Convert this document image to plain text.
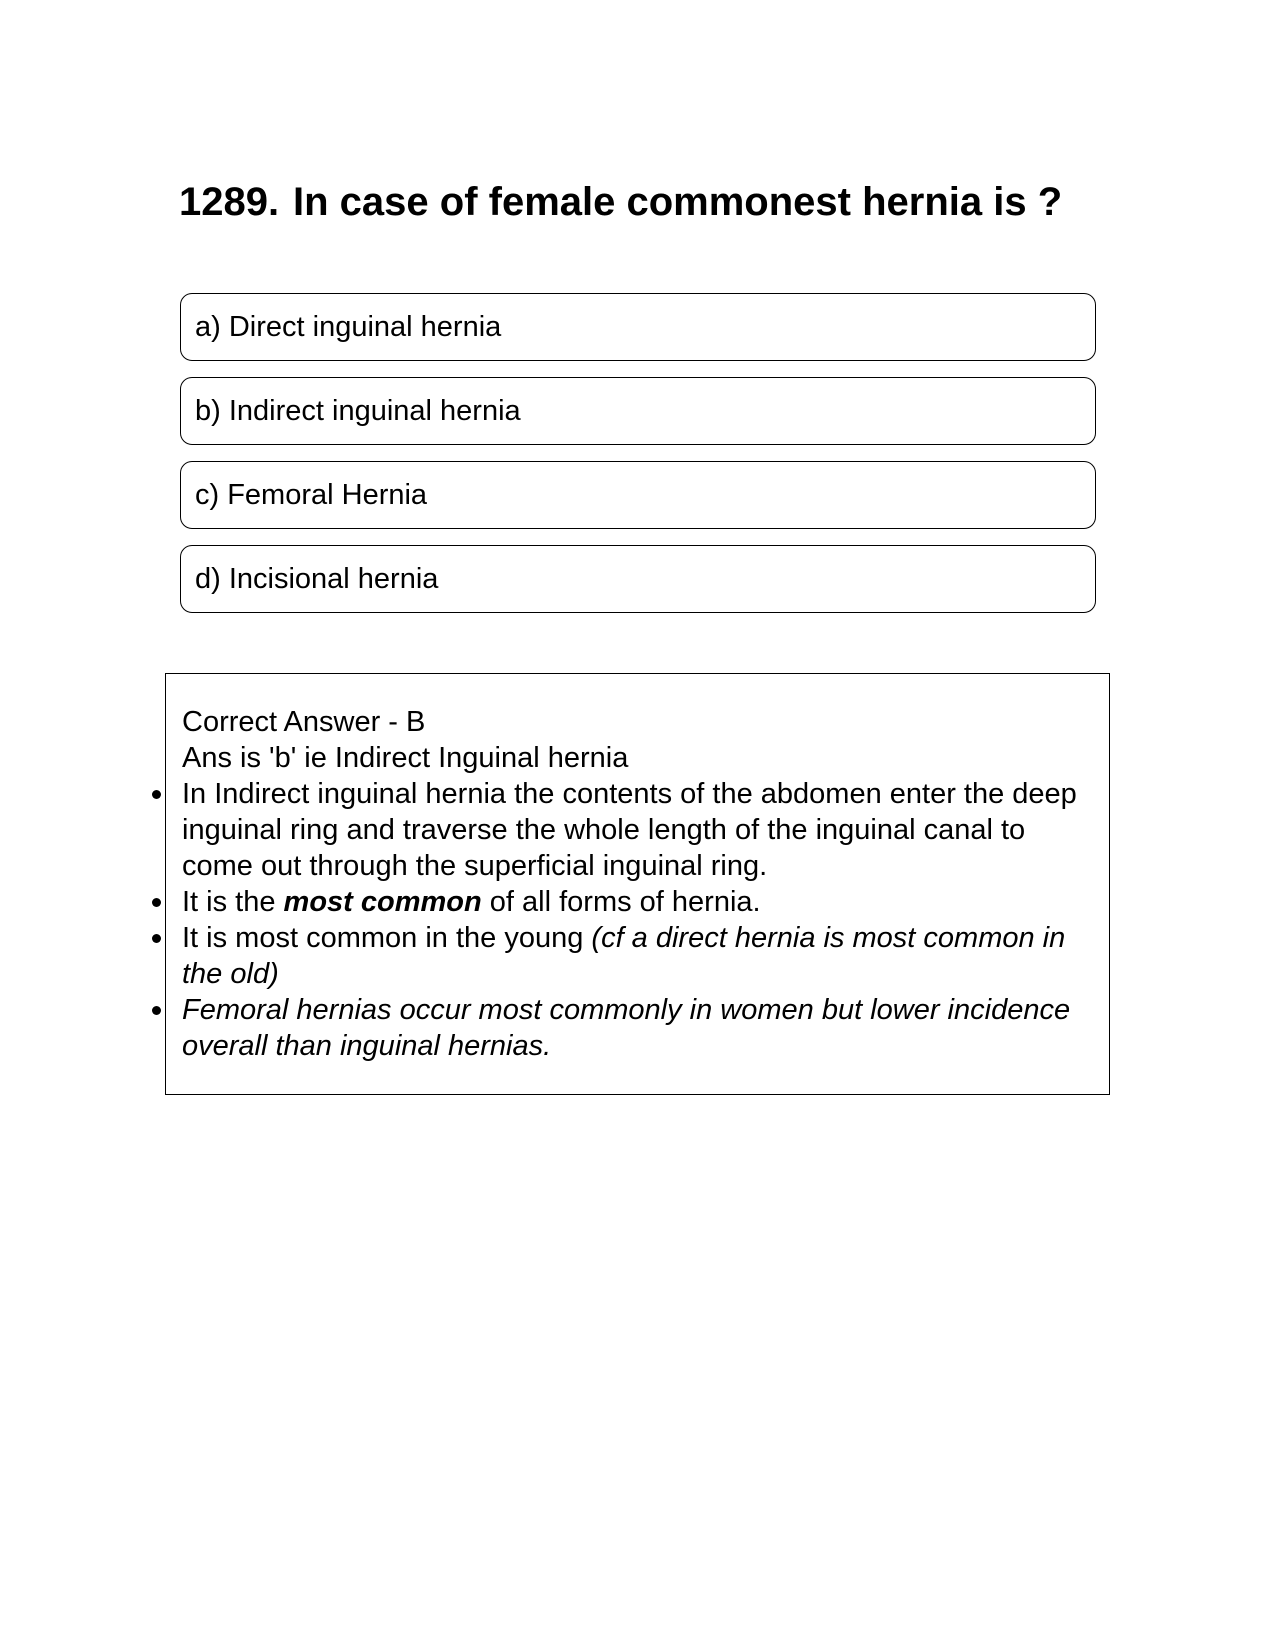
1289. In case of female commonest hernia is ?
a) Direct inguinal hernia
b) Indirect inguinal hernia
c) Femoral Hernia
d) Incisional hernia
Correct Answer - B
Ans is 'b' ie Indirect Inguinal hernia
In Indirect inguinal hernia the contents of the abdomen enter the deep inguinal ring and traverse the whole length of the inguinal canal to come out through the superficial inguinal ring.
It is the most common of all forms of hernia.
It is most common in the young (cf a direct hernia is most common in the old)
Femoral hernias occur most commonly in women but lower incidence overall than inguinal hernias.
